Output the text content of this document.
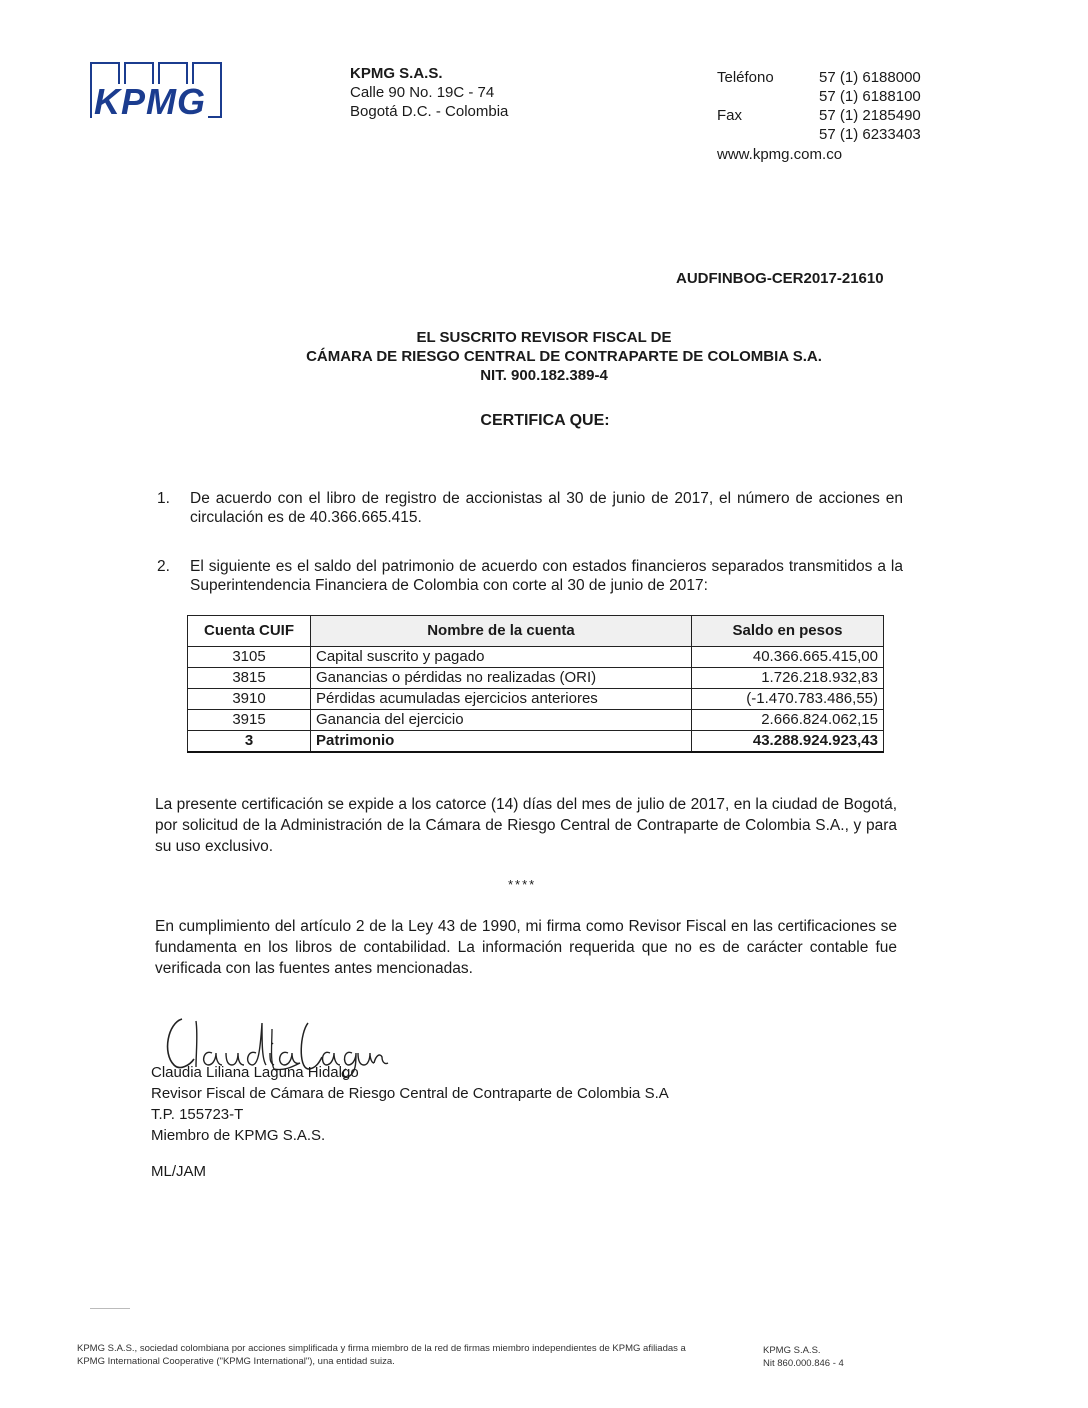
KPMG
KPMG S.A.S.
Calle 90 No. 19C - 74
Bogotá D.C. - Colombia
Teléfono	57 (1) 6188000
57 (1) 6188100
Fax	57 (1) 2185490
57 (1) 6233403
www.kpmg.com.co
AUDFINBOG-CER2017-21610
EL SUSCRITO REVISOR FISCAL DE
CÁMARA DE RIESGO CENTRAL DE CONTRAPARTE DE COLOMBIA S.A.
NIT. 900.182.389-4
CERTIFICA QUE:
1. De acuerdo con el libro de registro de accionistas al 30 de junio de 2017, el número de acciones en circulación es de 40.366.665.415.
2. El siguiente es el saldo del patrimonio de acuerdo con estados financieros separados transmitidos a la Superintendencia Financiera de Colombia con corte al 30 de junio de 2017:
Cuenta CUIF	Nombre de la cuenta	Saldo en pesos
3105	Capital suscrito y pagado	40.366.665.415,00
3815	Ganancias o pérdidas no realizadas (ORI)	1.726.218.932,83
3910	Pérdidas acumuladas ejercicios anteriores	(-1.470.783.486,55)
3915	Ganancia del ejercicio	2.666.824.062,15
3	Patrimonio	43.288.924.923,43
La presente certificación se expide a los catorce (14) días del mes de julio de 2017, en la ciudad de Bogotá, por solicitud de la Administración de la Cámara de Riesgo Central de Contraparte de Colombia S.A., y para su uso exclusivo.
****
En cumplimiento del artículo 2 de la Ley 43 de 1990, mi firma como Revisor Fiscal en las certificaciones se fundamenta en los libros de contabilidad. La información requerida que no es de carácter contable fue verificada con las fuentes antes mencionadas.
Claudia Liliana Laguna Hidalgo
Revisor Fiscal de Cámara de Riesgo Central de Contraparte de Colombia S.A
T.P. 155723-T
Miembro de KPMG S.A.S.
ML/JAM
KPMG S.A.S., sociedad colombiana por acciones simplificada y firma miembro de la red de firmas miembro independientes de KPMG afiliadas a KPMG International Cooperative ("KPMG International"), una entidad suiza.
KPMG S.A.S.
Nit 860.000.846 - 4
